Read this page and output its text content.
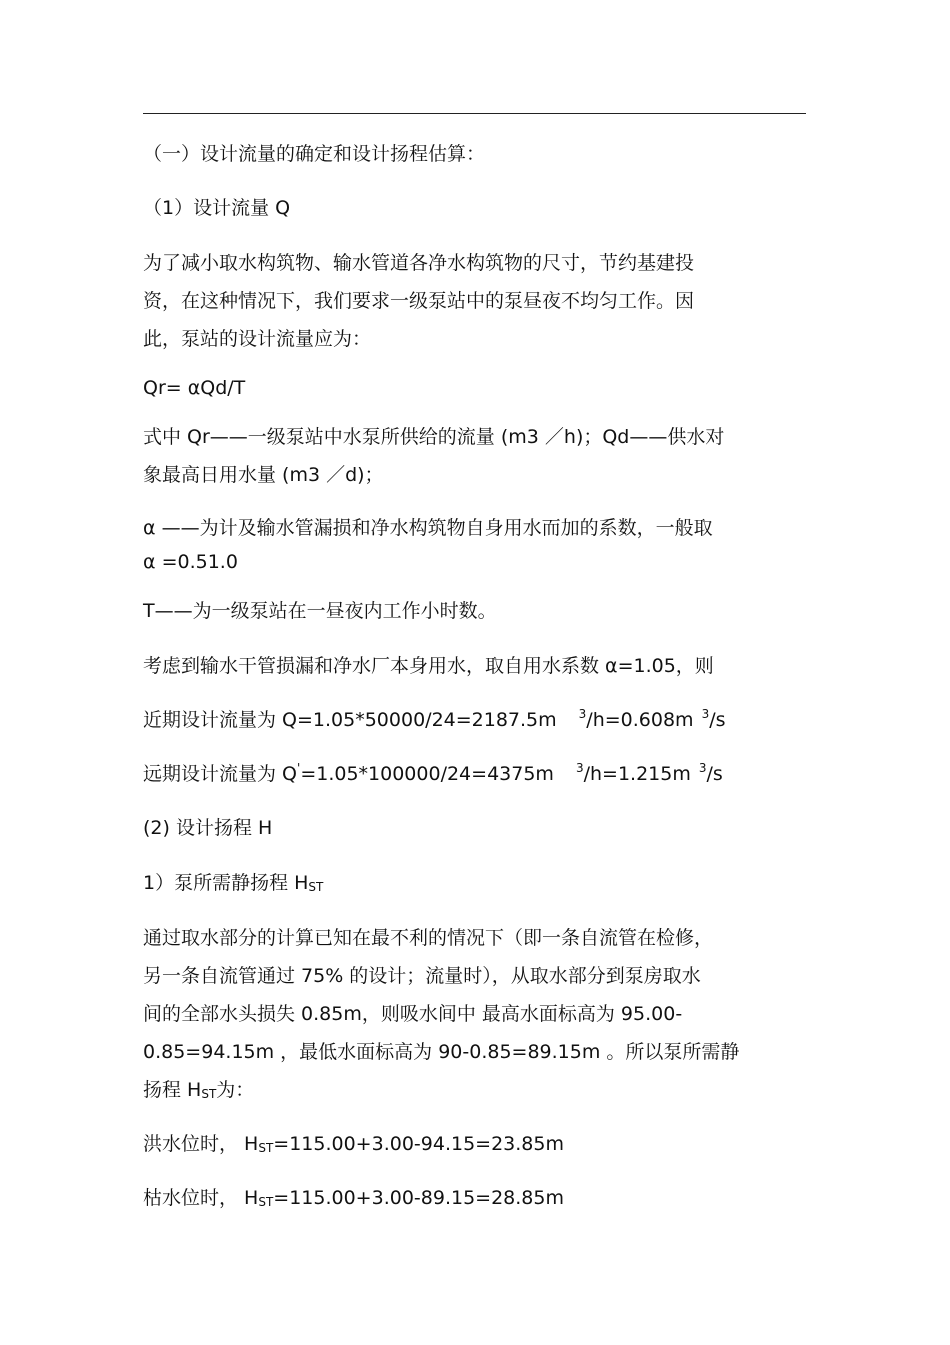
（一）设计流量的确定和设计扬程估算：
（1）设计流量 Q
为了减小取水构筑物、输水管道各净水构筑物的尺寸，节约基建投
资，在这种情况下，我们要求一级泵站中的泵昼夜不均匀工作。因
此，泵站的设计流量应为：
Qr= αQd/T
式中 Qr——一级泵站中水泵所供给的流量 (m3 ／h)；Qd——供水对
象最高日用水量 (m3 ／d)；
α ——为计及输水管漏损和净水构筑物自身用水而加的系数，一般取
α =0.51.0
T——为一级泵站在一昼夜内工作小时数。
考虑到输水干管损漏和净水厂本身用水，取自用水系数 α=1.05，则
近期设计流量为 Q=1.05*50000/24=2187.5m $^3$/h=0.608m $^3$/s
远期设计流量为 Q'=1.05*100000/24=4375m $^3$/h=1.215m $^3$/s
(2) 设计扬程 H
1）泵所需静扬程 $H_{ST}$
通过取水部分的计算已知在最不利的情况下（即一条自流管在检修，
另一条自流管通过 75% 的设计；流量时），从取水部分到泵房取水
间的全部水头损失 0.85m，则吸水间中 最高水面标高为 95.00-
0.85=94.15m ，最低水面标高为 90-0.85=89.15m 。所以泵所需静
扬程 $H_{ST}$为：
洪水位时， $H_{ST}=115.00+3.00-94.15=23.85m$
枯水位时， $H_{ST}=115.00+3.00-89.15=28.85m$
